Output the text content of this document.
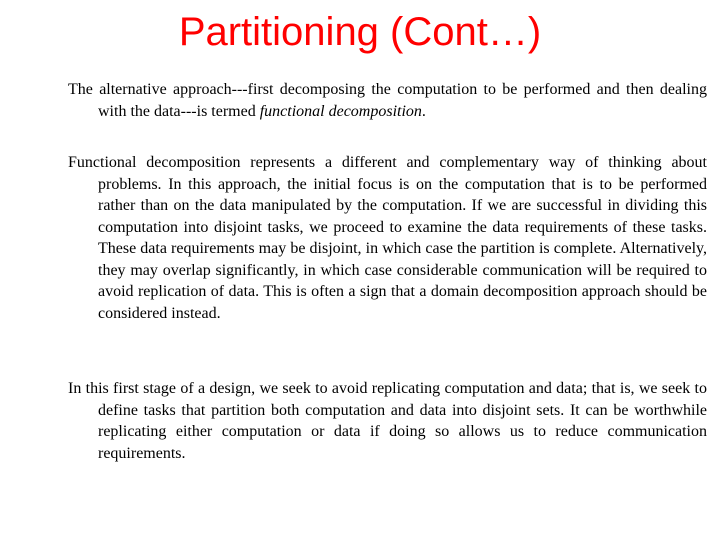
Partitioning (Cont…)

The alternative approach---first decomposing the computation to be performed and then dealing with the data---is termed functional decomposition.

Functional decomposition represents a different and complementary way of thinking about problems. In this approach, the initial focus is on the computation that is to be performed rather than on the data manipulated by the computation. If we are successful in dividing this computation into disjoint tasks, we proceed to examine the data requirements of these tasks. These data requirements may be disjoint, in which case the partition is complete. Alternatively, they may overlap significantly, in which case considerable communication will be required to avoid replication of data. This is often a sign that a domain decomposition approach should be considered instead.

In this first stage of a design, we seek to avoid replicating computation and data; that is, we seek to define tasks that partition both computation and data into disjoint sets. It can be worthwhile replicating either computation or data if doing so allows us to reduce communication requirements.
